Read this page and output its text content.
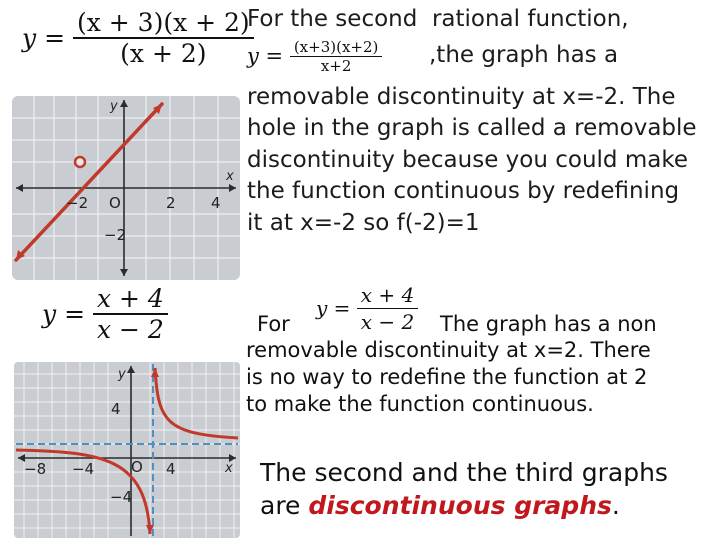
$y = \frac{(x + 3)(x + 2)}{(x + 2)}$
y
x
−2 O	2 4
−2
For the second  rational function,
$y = \frac{(x+3)(x+2)}{x+2} ,the$ graph has a
removable discontinuity at x=-2. The
hole in the graph is called a removable
discontinuity because you could make
the function continuous by redefining
it at x=-2 so f(-2)=1
$y = \frac{x + 4}{x - 2}$
y
x
4
−8 −4 O 4
−4
For
$y = \frac{x + 4}{x - 2}$ The graph has a non
removable discontinuity at x=2. There
is no way to redefine the function at 2
to make the function continuous.
The second and the third graphs
are discontinuous graphs.
